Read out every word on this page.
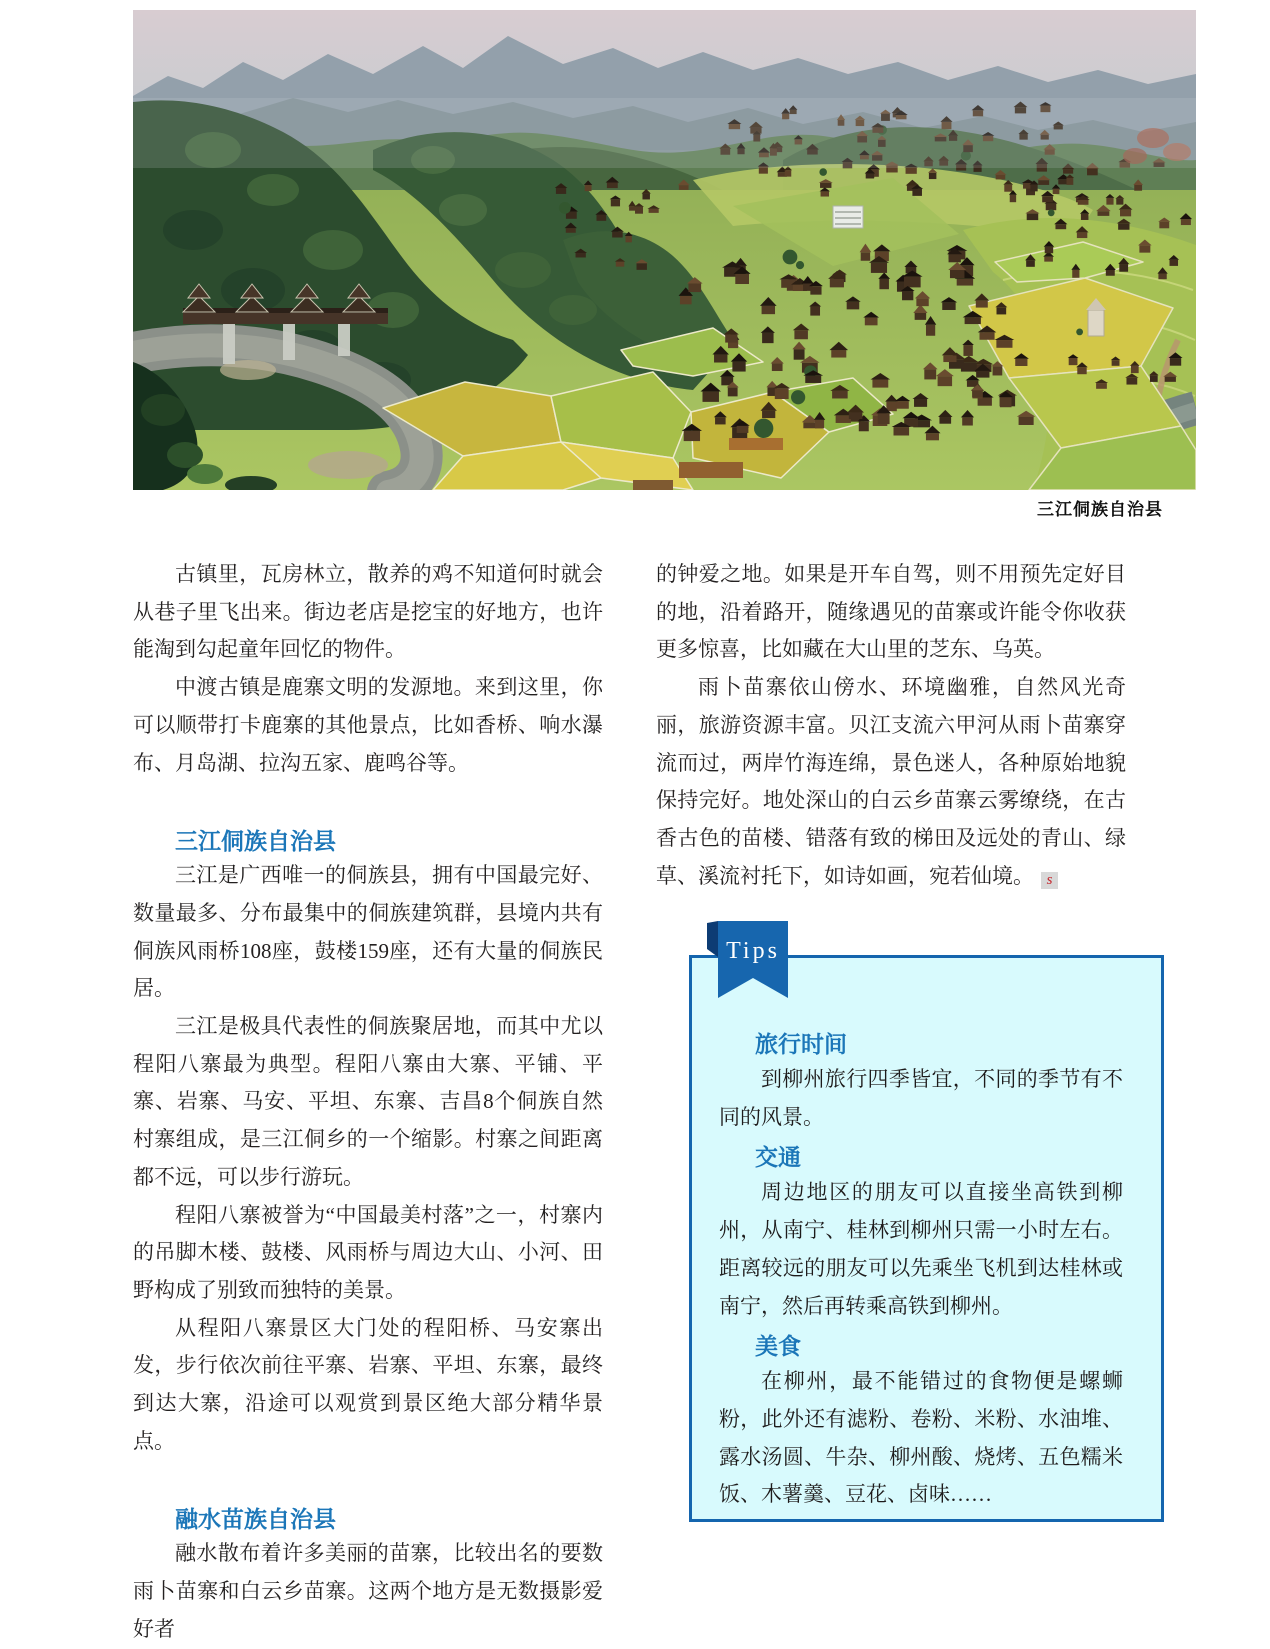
三江侗族自治县

古镇里，瓦房林立，散养的鸡不知道何时就会从巷子里飞出来。街边老店是挖宝的好地方，也许能淘到勾起童年回忆的物件。

中渡古镇是鹿寨文明的发源地。来到这里，你可以顺带打卡鹿寨的其他景点，比如香桥、响水瀑布、月岛湖、拉沟五家、鹿鸣谷等。

三江侗族自治县

三江是广西唯一的侗族县，拥有中国最完好、数量最多、分布最集中的侗族建筑群，县境内共有侗族风雨桥108座，鼓楼159座，还有大量的侗族民居。

三江是极具代表性的侗族聚居地，而其中尤以程阳八寨最为典型。程阳八寨由大寨、平铺、平寨、岩寨、马安、平坦、东寨、吉昌8个侗族自然村寨组成，是三江侗乡的一个缩影。村寨之间距离都不远，可以步行游玩。

程阳八寨被誉为“中国最美村落”之一，村寨内的吊脚木楼、鼓楼、风雨桥与周边大山、小河、田野构成了别致而独特的美景。

从程阳八寨景区大门处的程阳桥、马安寨出发，步行依次前往平寨、岩寨、平坦、东寨，最终到达大寨，沿途可以观赏到景区绝大部分精华景点。

融水苗族自治县

融水散布着许多美丽的苗寨，比较出名的要数雨卜苗寨和白云乡苗寨。这两个地方是无数摄影爱好者

的钟爱之地。如果是开车自驾，则不用预先定好目的地，沿着路开，随缘遇见的苗寨或许能令你收获更多惊喜，比如藏在大山里的芝东、乌英。

雨卜苗寨依山傍水、环境幽雅，自然风光奇丽，旅游资源丰富。贝江支流六甲河从雨卜苗寨穿流而过，两岸竹海连绵，景色迷人，各种原始地貌保持完好。地处深山的白云乡苗寨云雾缭绕，在古香古色的苗楼、错落有致的梯田及远处的青山、绿草、溪流衬托下，如诗如画，宛若仙境。 s

旅行时间

到柳州旅行四季皆宜，不同的季节有不同的风景。

交通

周边地区的朋友可以直接坐高铁到柳州，从南宁、桂林到柳州只需一小时左右。距离较远的朋友可以先乘坐飞机到达桂林或南宁，然后再转乘高铁到柳州。

美食

在柳州，最不能错过的食物便是螺蛳粉，此外还有滤粉、卷粉、米粉、水油堆、露水汤圆、牛杂、柳州酸、烧烤、五色糯米饭、木薯羹、豆花、卤味……

Tips
